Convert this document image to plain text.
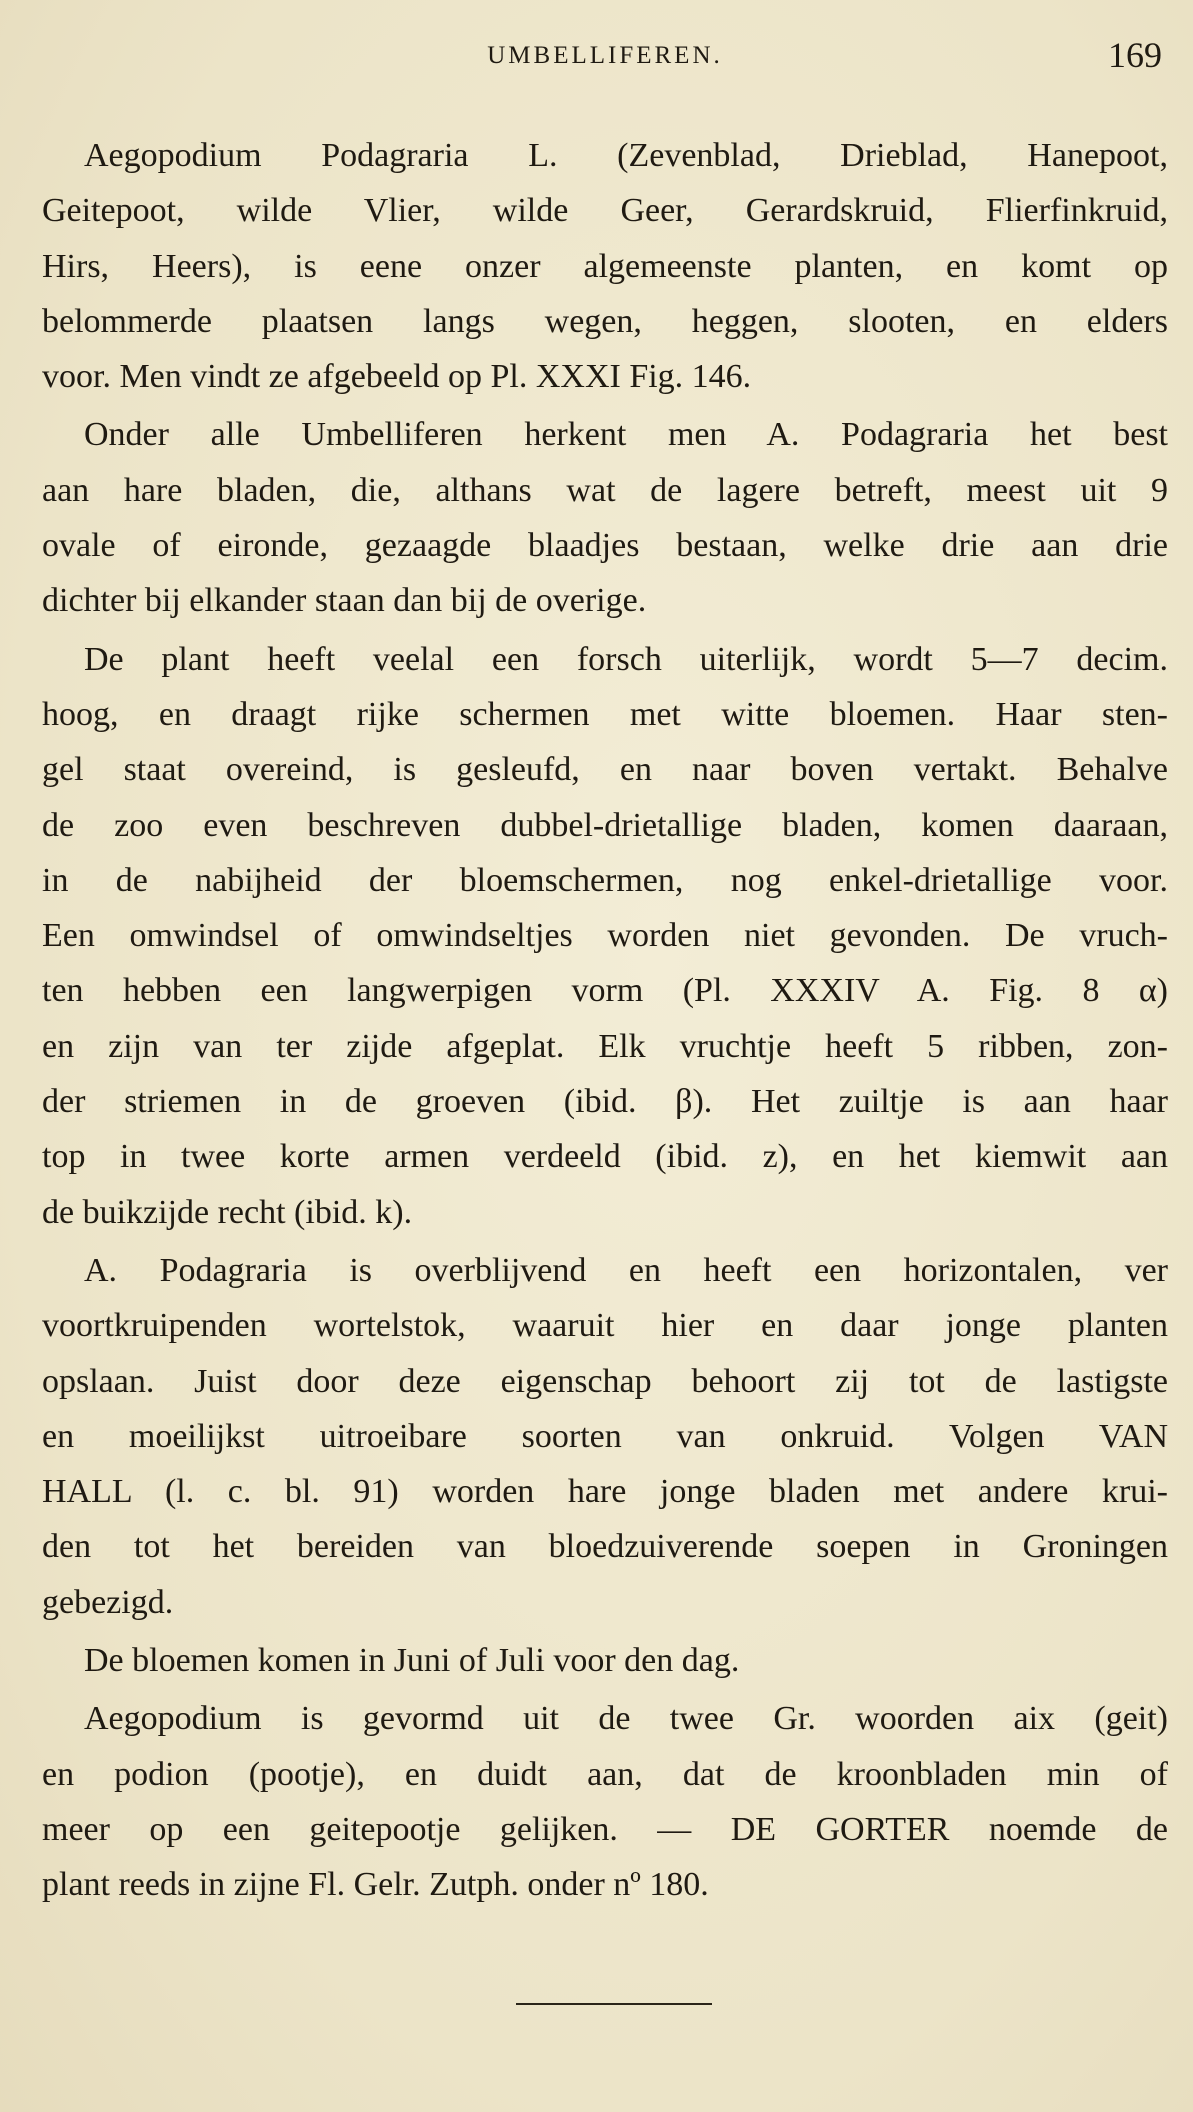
UMBELLIFEREN.	169
Aegopodium Podagraria L. (Zevenblad, Drieblad, Hanepoot,
Geitepoot, wilde Vlier, wilde Geer, Gerardskruid, Flierfinkruid,
Hirs, Heers), is eene onzer algemeenste planten, en komt op
belommerde plaatsen langs wegen, heggen, slooten, en elders
voor. Men vindt ze afgebeeld op Pl. XXXI Fig. 146.
Onder alle Umbelliferen herkent men A. Podagraria het best
aan hare bladen, die, althans wat de lagere betreft, meest uit 9
ovale of eironde, gezaagde blaadjes bestaan, welke drie aan drie
dichter bij elkander staan dan bij de overige.
De plant heeft veelal een forsch uiterlijk, wordt 5—7 decim.
hoog, en draagt rijke schermen met witte bloemen. Haar sten-
gel staat overeind, is gesleufd, en naar boven vertakt. Behalve
de zoo even beschreven dubbel-drietallige bladen, komen daaraan,
in de nabijheid der bloemschermen, nog enkel-drietallige voor.
Een omwindsel of omwindseltjes worden niet gevonden. De vruch-
ten hebben een langwerpigen vorm (Pl. XXXIV A. Fig. 8 α)
en zijn van ter zijde afgeplat. Elk vruchtje heeft 5 ribben, zon-
der striemen in de groeven (ibid. β). Het zuiltje is aan haar
top in twee korte armen verdeeld (ibid. z), en het kiemwit aan
de buikzijde recht (ibid. k).
A. Podagraria is overblijvend en heeft een horizontalen, ver
voortkruipenden wortelstok, waaruit hier en daar jonge planten
opslaan. Juist door deze eigenschap behoort zij tot de lastigste
en moeilijkst uitroeibare soorten van onkruid. Volgen VAN
HALL (l. c. bl. 91) worden hare jonge bladen met andere krui-
den tot het bereiden van bloedzuiverende soepen in Groningen
gebezigd.
De bloemen komen in Juni of Juli voor den dag.
Aegopodium is gevormd uit de twee Gr. woorden aix (geit)
en podion (pootje), en duidt aan, dat de kroonbladen min of
meer op een geitepootje gelijken. — DE GORTER noemde de
plant reeds in zijne Fl. Gelr. Zutph. onder nº 180.
